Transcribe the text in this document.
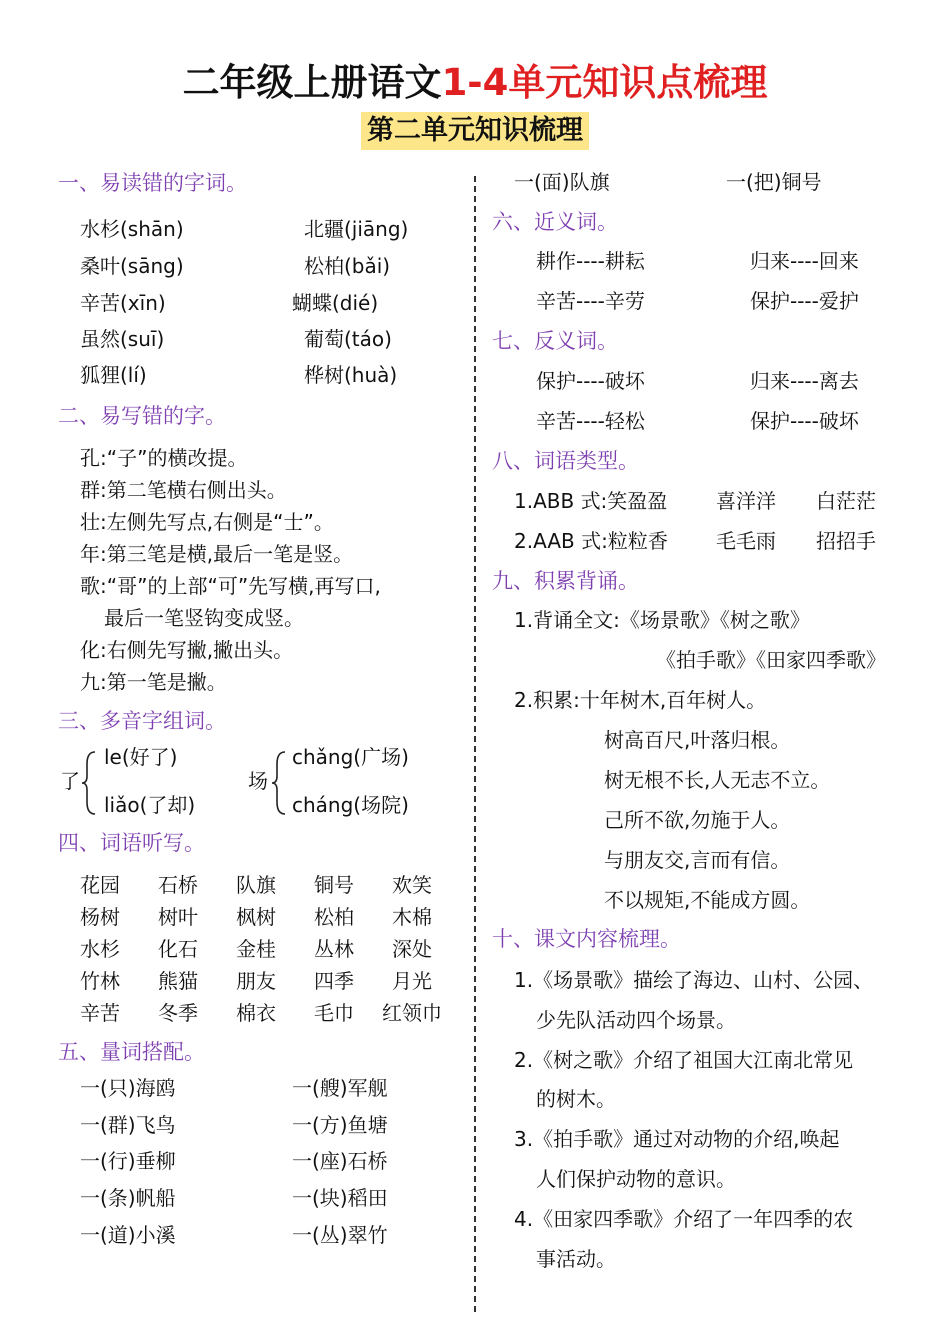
二年级上册语文1-4单元知识点梳理
第二单元知识梳理
一、易读错的字词。
水杉(shān)	北疆(jiāng)
桑叶(sāng)	松柏(bǎi)
辛苦(xīn)	蝴蝶(dié)
虽然(suī)	葡萄(táo)
狐狸(lí)	桦树(huà)
二、易写错的字。
孔:“子”的横改提。
群:第二笔横右侧出头。
壮:左侧先写点,右侧是“士”。
年:第三笔是横,最后一笔是竖。
歌:“哥”的上部“可”先写横,再写口,
最后一笔竖钩变成竖。
化:右侧先写撇,撇出头。
九:第一笔是撇。
三、多音字组词。
了
le(好了)
liǎo(了却)
场
chǎng(广场)
cháng(场院)
四、词语听写。
花园 石桥 队旗 铜号 欢笑
杨树 树叶 枫树 松柏 木棉
水杉 化石 金桂 丛林 深处
竹林 熊猫 朋友 四季 月光
辛苦 冬季 棉衣 毛巾 红领巾
五、量词搭配。
一(只)海鸥	一(艘)军舰
一(群)飞鸟	一(方)鱼塘
一(行)垂柳	一(座)石桥
一(条)帆船	一(块)稻田
一(道)小溪	一(丛)翠竹
一(面)队旗	一(把)铜号
六、近义词。
耕作----耕耘	归来----回来
辛苦----辛劳	保护----爱护
七、反义词。
保护----破坏	归来----离去
辛苦----轻松	保护----破坏
八、词语类型。
1.ABB 式:笑盈盈 喜洋洋 白茫茫
2.AAB 式:粒粒香 毛毛雨 招招手
九、积累背诵。
1.背诵全文:《场景歌》《树之歌》
《拍手歌》《田家四季歌》
2.积累:十年树木,百年树人。
树高百尺,叶落归根。
树无根不长,人无志不立。
己所不欲,勿施于人。
与朋友交,言而有信。
不以规矩,不能成方圆。
十、课文内容梳理。
1.《场景歌》描绘了海边、山村、公园、
少先队活动四个场景。
2.《树之歌》介绍了祖国大江南北常见
的树木。
3.《拍手歌》通过对动物的介绍,唤起
人们保护动物的意识。
4.《田家四季歌》介绍了一年四季的农
事活动。
